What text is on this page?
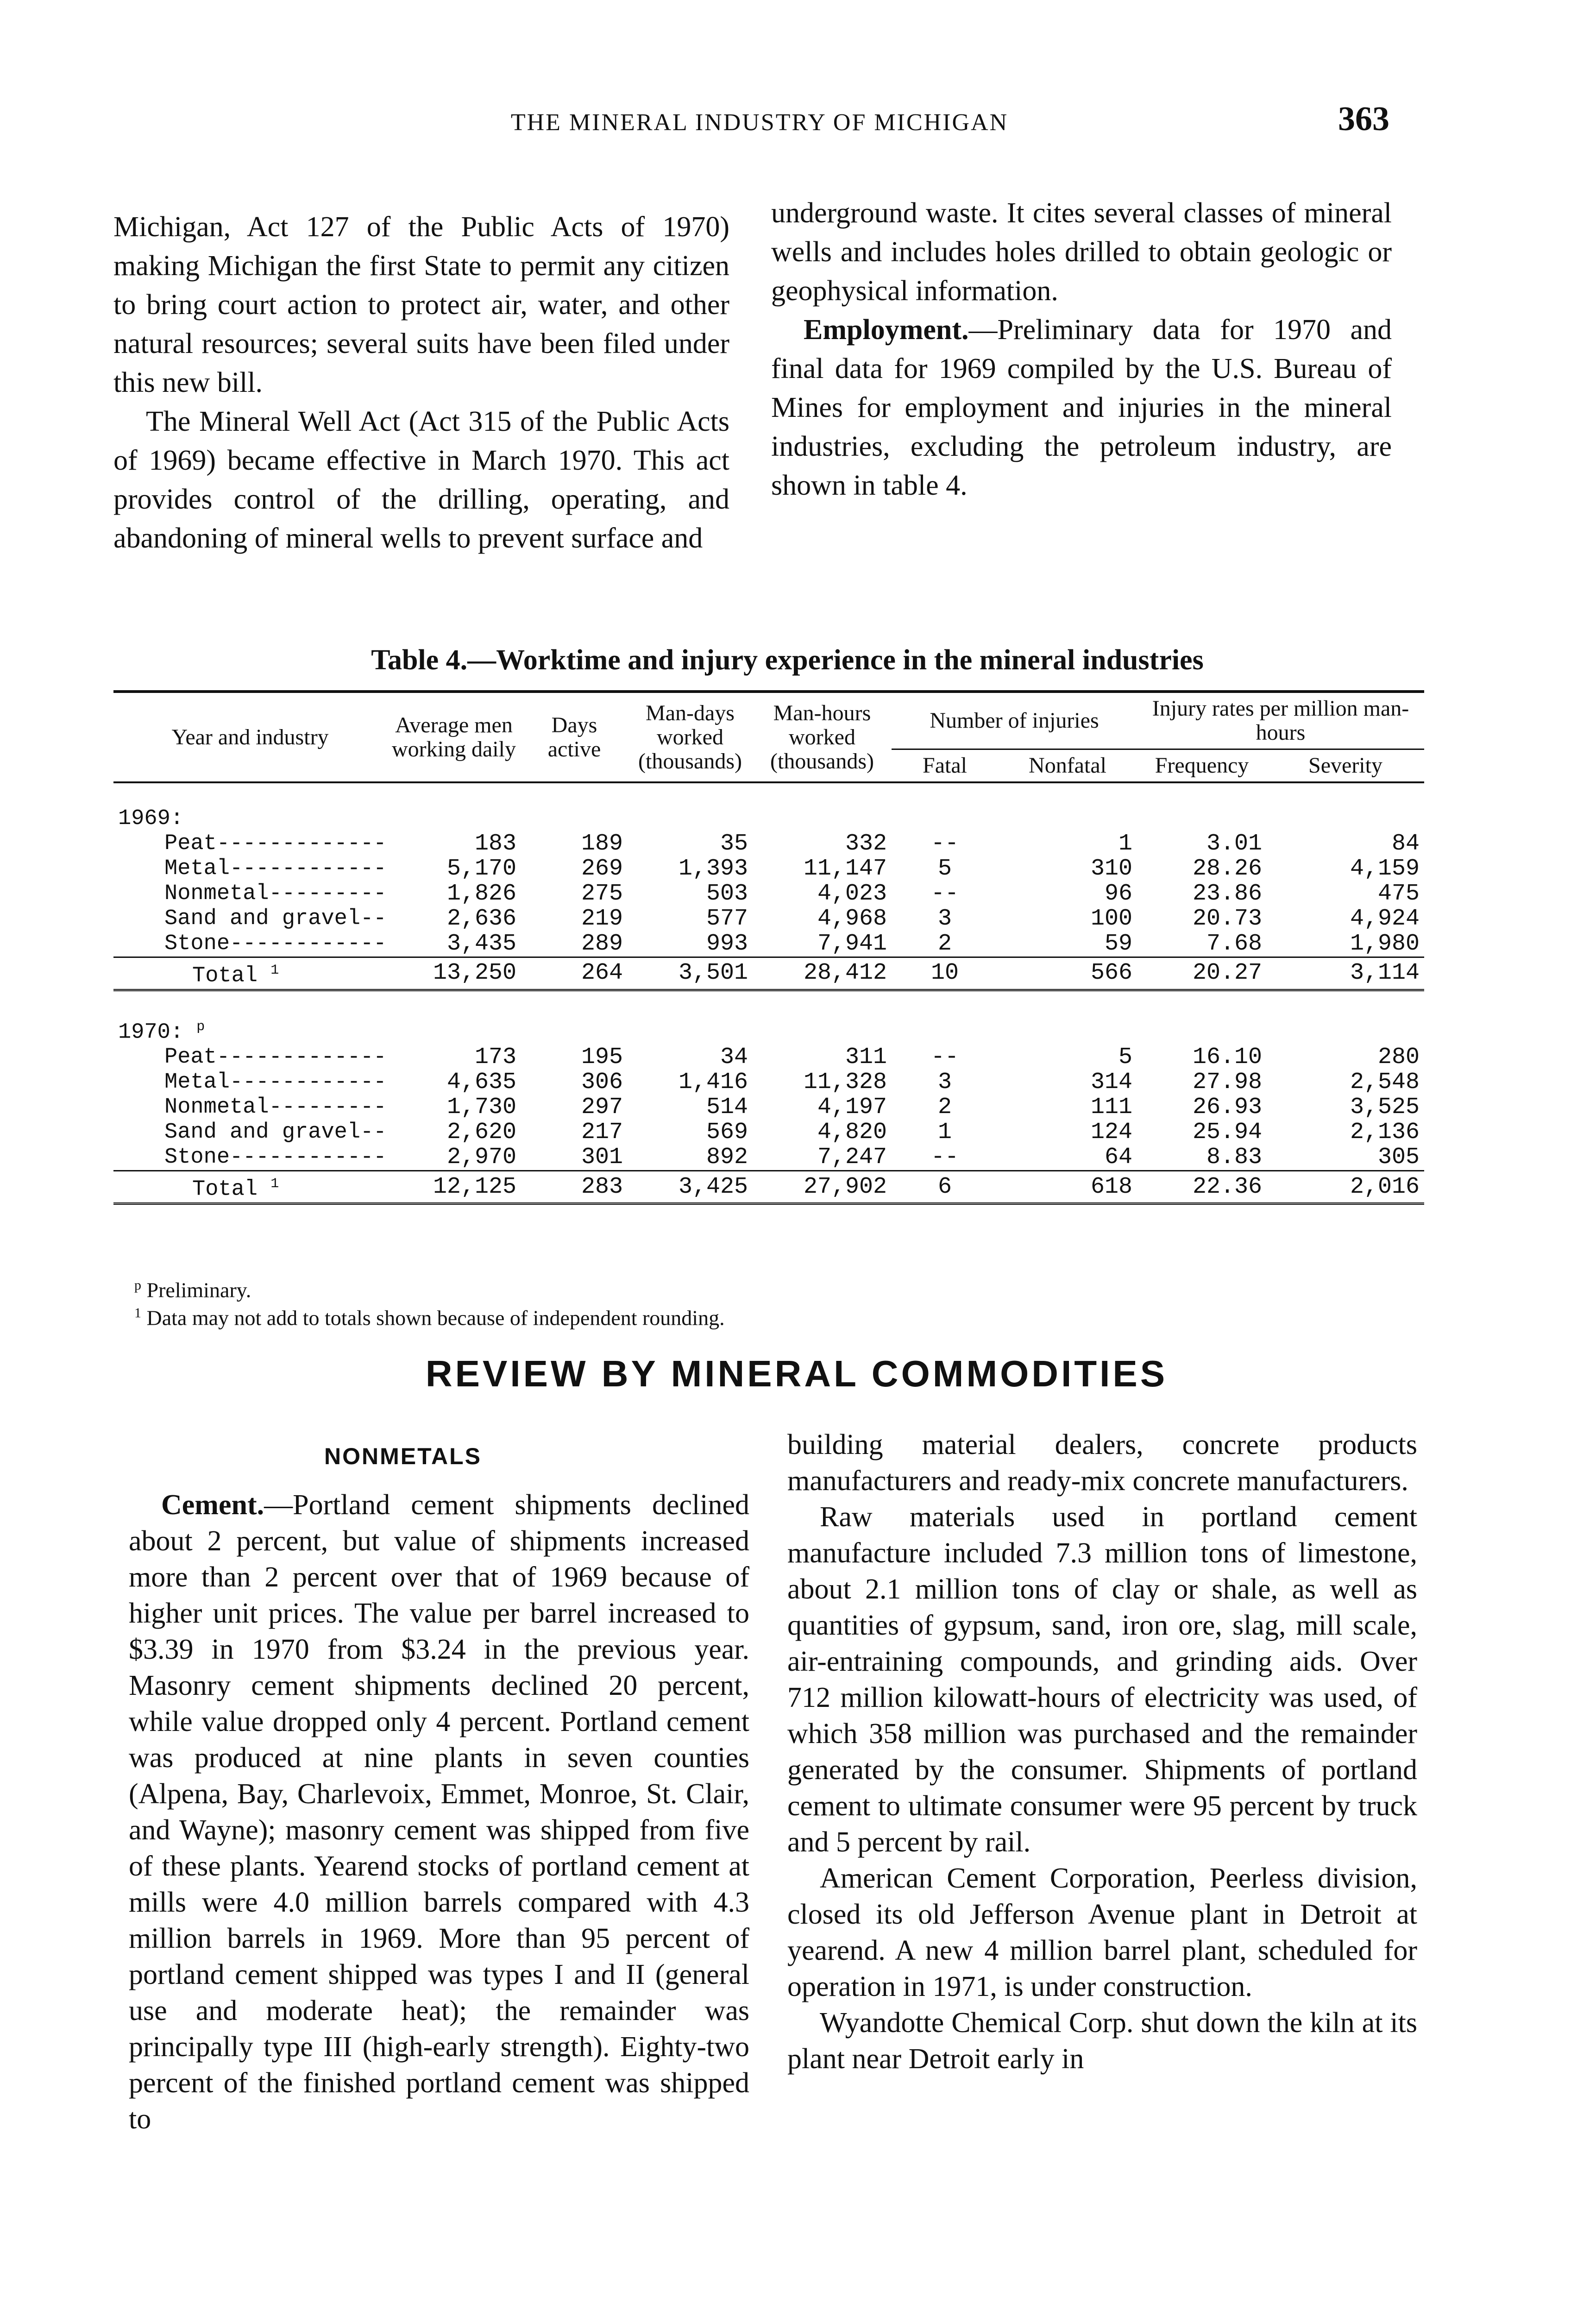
THE MINERAL INDUSTRY OF MICHIGAN	363

Michigan, Act 127 of the Public Acts of 1970) making Michigan the first State to permit any citizen to bring court action to protect air, water, and other natural resources; several suits have been filed under this new bill.

The Mineral Well Act (Act 315 of the Public Acts of 1969) became effective in March 1970. This act provides control of the drilling, operating, and abandoning of mineral wells to prevent surface and

underground waste. It cites several classes of mineral wells and includes holes drilled to obtain geologic or geophysical information.

Employment.—Preliminary data for 1970 and final data for 1969 compiled by the U.S. Bureau of Mines for employment and injuries in the mineral industries, excluding the petroleum industry, are shown in table 4.

Table 4.—Worktime and injury experience in the mineral industries
Year and industry	Average men working daily	Days active	Man-days worked (thousands)	Man-hours worked (thousands)	Number of injuries		Injury rates per million man-hours	
					Fatal	Nonfatal	Frequency	Severity

1969:								
Peat-------------	183	189	35	332	--	1	3.01	84
Metal------------	5,170	269	1,393	11,147	5	310	28.26	4,159
Nonmetal---------	1,826	275	503	4,023	--	96	23.86	475
Sand and gravel--	2,636	219	577	4,968	3	100	20.73	4,924
Stone------------	3,435	289	993	7,941	2	59	7.68	1,980
Total $^1$	13,250	264	3,501	28,412	10	566	20.27	3,114

1970: $^p$	
Peat-------------	173	195	34	311	--	5	16.10	280
Metal------------	4,635	306	1,416	11,328	3	314	27.98	2,548
Nonmetal---------	1,730	297	514	4,197	2	111	26.93	3,525
Sand and gravel--	2,620	217	569	4,820	1	124	25.94	2,136
Stone------------	2,970	301	892	7,247	--	64	8.83	305
Total $^1$	12,125	283	3,425	27,902	6	618	22.36	2,016
$^p$ Preliminary.
$^1$ Data may not add to totals shown because of independent rounding.
REVIEW BY MINERAL COMMODITIES
NONMETALS

Cement.—Portland cement shipments declined about 2 percent, but value of shipments increased more than 2 percent over that of 1969 because of higher unit prices. The value per barrel increased to $3.39 in 1970 from $3.24 in the previous year. Masonry cement shipments declined 20 percent, while value dropped only 4 percent. Portland cement was produced at nine plants in seven counties (Alpena, Bay, Charlevoix, Emmet, Monroe, St. Clair, and Wayne); masonry cement was shipped from five of these plants. Yearend stocks of portland cement at mills were 4.0 million barrels compared with 4.3 million barrels in 1969. More than 95 percent of portland cement shipped was types I and II (general use and moderate heat); the remainder was principally type III (high-early strength). Eighty-two percent of the finished portland cement was shipped to

building material dealers, concrete products manufacturers and ready-mix concrete manufacturers.

Raw materials used in portland cement manufacture included 7.3 million tons of limestone, about 2.1 million tons of clay or shale, as well as quantities of gypsum, sand, iron ore, slag, mill scale, air-entraining compounds, and grinding aids. Over 712 million kilowatt-hours of electricity was used, of which 358 million was purchased and the remainder generated by the consumer. Shipments of portland cement to ultimate consumer were 95 percent by truck and 5 percent by rail.

American Cement Corporation, Peerless division, closed its old Jefferson Avenue plant in Detroit at yearend. A new 4 million barrel plant, scheduled for operation in 1971, is under construction.

Wyandotte Chemical Corp. shut down the kiln at its plant near Detroit early in
